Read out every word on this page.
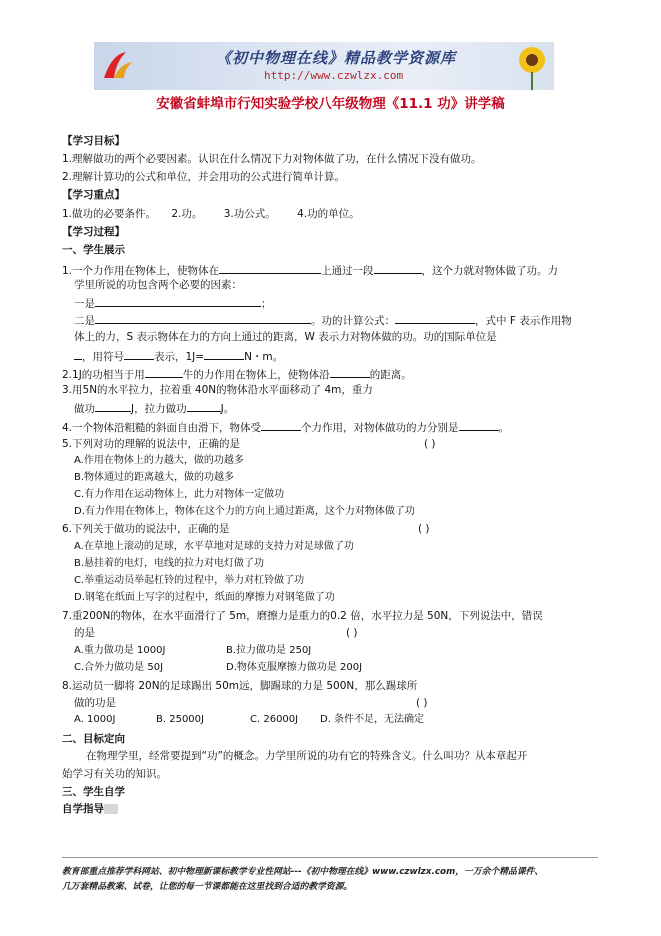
《初中物理在线》精品教学资源库
http://www.czwlzx.com
安徽省蚌埠市行知实验学校八年级物理《11.1 功》讲学稿
【学习目标】
1.理解做功的两个必要因素。认识在什么情况下力对物体做了功，在什么情况下没有做功。
2.理解计算功的公式和单位，并会用功的公式进行简单计算。
【学习重点】
1.做功的必要条件。 2.功。 3.功公式。 4.功的单位。
【学习过程】
一、学生展示
1.一个力作用在物体上，使物体在	上通过一段	，这个力就对物体做了功。力
学里所说的功包含两个必要的因素：
一是	；
二是	。功的计算公式：	，式中 F 表示作用物
体上的力，S 表示物体在力的方向上通过的距离，W 表示力对物体做的功。功的国际单位是
，用符号	表示，1J=	N・m。
2.1J的功相当于用	牛的力作用在物体上，使物体沿	的距离。
3.用5N的水平拉力，拉着重 40N的物体沿水平面移动了 4m，重力
做功	J，拉力做功	J。
4.一个物体沿粗糙的斜面自由滑下，物体受	个力作用，对物体做功的力分别是	。
5.下列对功的理解的说法中，正确的是	( )
A.作用在物体上的力越大，做的功越多
B.物体通过的距离越大，做的功越多
C.有力作用在运动物体上，此力对物体一定做功
D.有力作用在物体上，物体在这个力的方向上通过距离，这个力对物体做了功
6.下列关于做功的说法中，正确的是	( )
A.在草地上滚动的足球，水平草地对足球的支持力对足球做了功
B.悬挂着的电灯，电线的拉力对电灯做了功
C.举重运动员举起杠铃的过程中，举力对杠铃做了功
D.钢笔在纸面上写字的过程中，纸面的摩擦力对钢笔做了功
7.重200N的物体，在水平面滑行了 5m，磨擦力是重力的0.2 倍，水平拉力是 50N，下列说法中，错误
的是	( )
A.重力做功是 1000J	B.拉力做功是 250J
C.合外力做功是 50J	D.物体克服摩擦力做功是 200J
8.运动员一脚将 20N的足球踢出 50m远，脚踢球的力是 500N，那么踢球所
做的功是	( )
A. 1000J	B. 25000J	C. 26000J D. 条件不足，无法确定
二、目标定向
在物理学里，经常要提到“功”的概念。力学里所说的功有它的特殊含义。什么叫功？从本章起开
始学习有关功的知识。
三、学生自学
自学指导
教育部重点推荐学科网站、初中物理新课标教学专业性网站---《初中物理在线》www.czwlzx.com，一万余个精品课件、
几万套精品教案、试卷，让您的每一节课都能在这里找到合适的教学资源。
